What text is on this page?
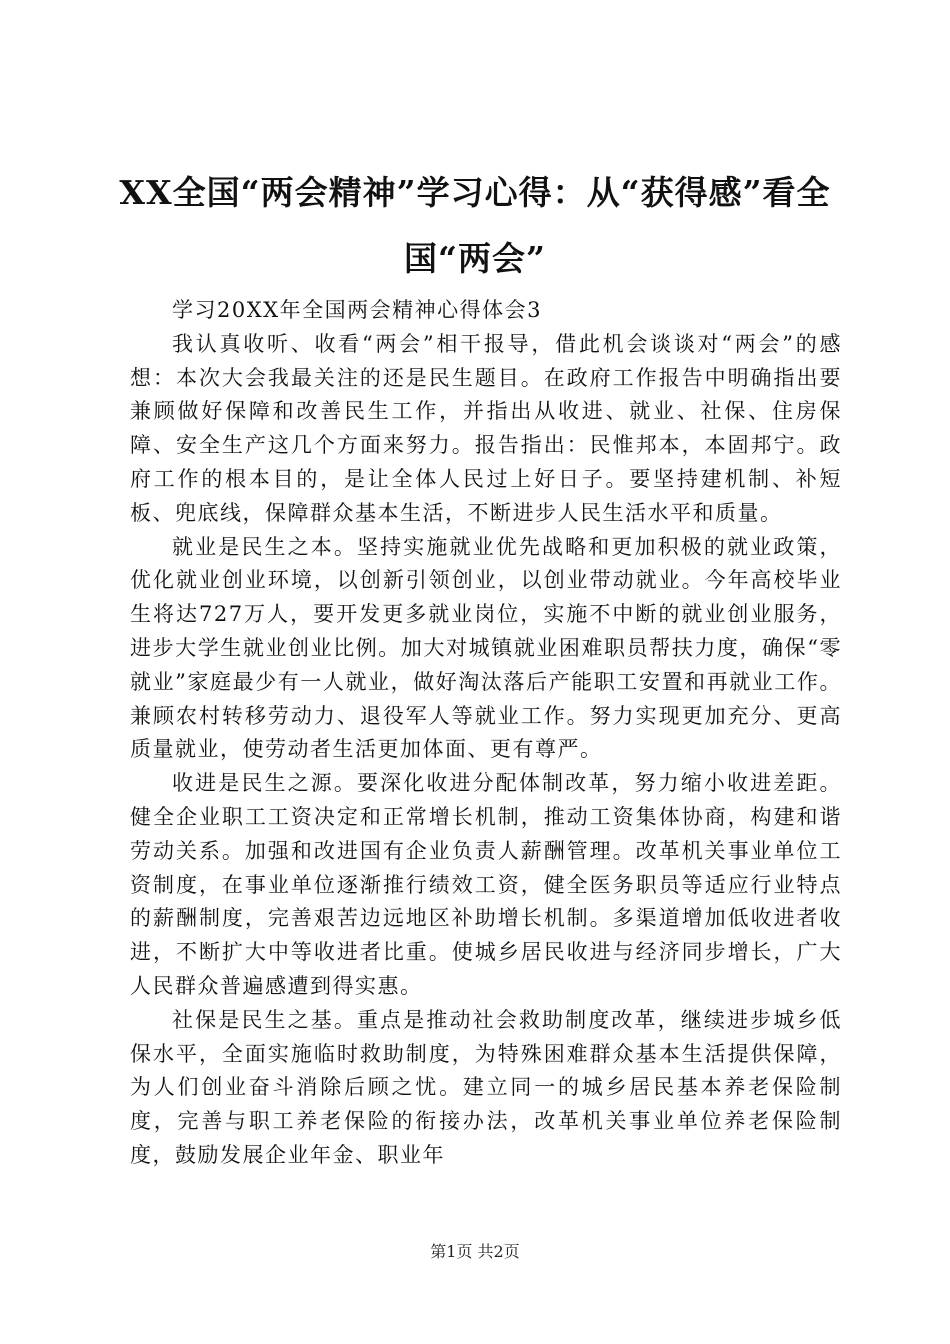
XX全国“两会精神”学习心得：从“获得感”看全国“两会”

学习20XX年全国两会精神心得体会3

我认真收听、收看“两会”相干报导，借此机会谈谈对“两会”的感想：本次大会我最关注的还是民生题目。在政府工作报告中明确指出要兼顾做好保障和改善民生工作，并指出从收进、就业、社保、住房保障、安全生产这几个方面来努力。报告指出：民惟邦本，本固邦宁。政府工作的根本目的，是让全体人民过上好日子。要坚持建机制、补短板、兜底线，保障群众基本生活，不断进步人民生活水平和质量。

就业是民生之本。坚持实施就业优先战略和更加积极的就业政策，优化就业创业环境，以创新引领创业，以创业带动就业。今年高校毕业生将达727万人，要开发更多就业岗位，实施不中断的就业创业服务，进步大学生就业创业比例。加大对城镇就业困难职员帮扶力度，确保“零就业”家庭最少有一人就业，做好淘汰落后产能职工安置和再就业工作。兼顾农村转移劳动力、退役军人等就业工作。努力实现更加充分、更高质量就业，使劳动者生活更加体面、更有尊严。

收进是民生之源。要深化收进分配体制改革，努力缩小收进差距。健全企业职工工资决定和正常增长机制，推动工资集体协商，构建和谐劳动关系。加强和改进国有企业负责人薪酬管理。改革机关事业单位工资制度，在事业单位逐渐推行绩效工资，健全医务职员等适应行业特点的薪酬制度，完善艰苦边远地区补助增长机制。多渠道增加低收进者收进，不断扩大中等收进者比重。使城乡居民收进与经济同步增长，广大人民群众普遍感遭到得实惠。

社保是民生之基。重点是推动社会救助制度改革，继续进步城乡低保水平，全面实施临时救助制度，为特殊困难群众基本生活提供保障，为人们创业奋斗消除后顾之忧。建立同一的城乡居民基本养老保险制度，完善与职工养老保险的衔接办法，改革机关事业单位养老保险制度，鼓励发展企业年金、职业年

第1页 共2页
